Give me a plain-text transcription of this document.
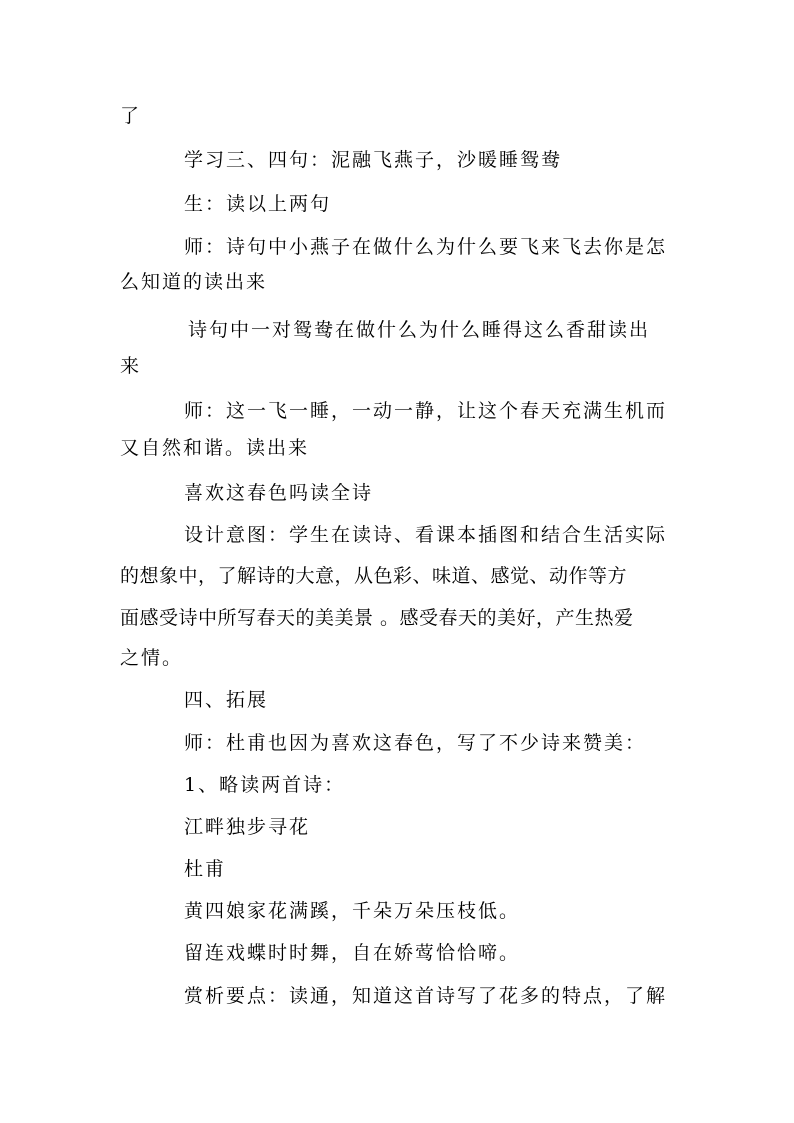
了
学习三、四句：泥融飞燕子，沙暖睡鸳鸯
生：读以上两句
师：诗句中小燕子在做什么为什么要飞来飞去你是怎
么知道的读出来
诗句中一对鸳鸯在做什么为什么睡得这么香甜读出
来
师：这一飞一睡，一动一静，让这个春天充满生机而
又自然和谐。读出来
喜欢这春色吗读全诗
设计意图：学生在读诗、看课本插图和结合生活实际
的想象中，了解诗的大意，从色彩、味道、感觉、动作等方
面感受诗中所写春天的美美景 。感受春天的美好，产生热爱
之情。
四、拓展
师：杜甫也因为喜欢这春色，写了不少诗来赞美：
1、略读两首诗：
江畔独步寻花
杜甫
黄四娘家花满蹊，千朵万朵压枝低。
留连戏蝶时时舞，自在娇莺恰恰啼。
赏析要点：读通，知道这首诗写了花多的特点，了解
